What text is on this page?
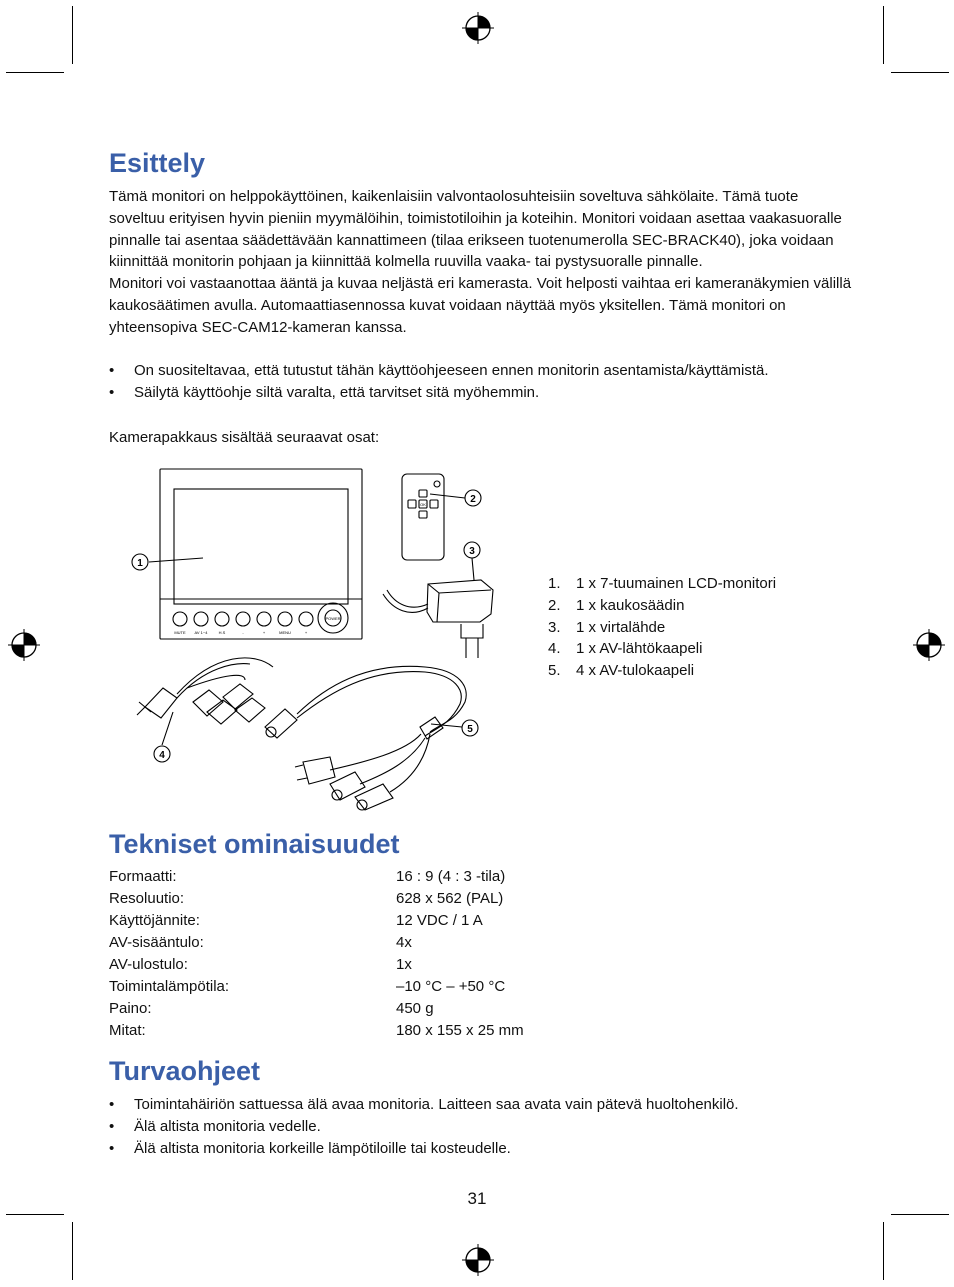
Esittely

Tämä monitori on helppokäyttöinen, kaikenlaisiin valvontaolosuhteisiin soveltuva sähkölaite. Tämä tuote soveltuu erityisen hyvin pieniin myymälöihin, toimistotiloihin ja koteihin. Monitori voidaan asettaa vaakasuoralle pinnalle tai asentaa säädettävään kannattimeen (tilaa erikseen tuotenumerolla SEC-BRACK40), joka voidaan kiinnittää monitorin pohjaan ja kiinnittää kolmella ruuvilla vaaka- tai pystysuoralle pinnalle.

Monitori voi vastaanottaa ääntä ja kuvaa neljästä eri kamerasta. Voit helposti vaihtaa eri kameranäkymien välillä kaukosäätimen avulla. Automaattiasennossa kuvat voidaan näyttää myös yksitellen. Tämä monitori on yhteensopiva SEC-CAM12-kameran kanssa.

• On suositeltavaa, että tutustut tähän käyttöohjeeseen ennen monitorin asentamista/käyttämistä.
• Säilytä käyttöohje siltä varalta, että tarvitset sitä myöhemmin.
Kamerapakkaus sisältää seuraavat osat:
1
2
3
4
5
MUTE AV 1~4	H.S	-	+	MENU	+
POWER
OK
1. 1 x 7-tuumainen LCD-monitori
2. 1 x kaukosäädin
3. 1 x virtalähde
4. 1 x AV-lähtökaapeli
5. 4 x AV-tulokaapeli
Tekniset ominaisuudet
Formaatti:	16 : 9 (4 : 3 -tila)
Resoluutio:	628 x 562 (PAL)
Käyttöjännite:	12 VDC / 1 A
AV-sisääntulo:	4x
AV-ulostulo:	1x
Toimintalämpötila:	–10 °C – +50 °C
Paino:	450 g
Mitat:	180 x 155 x 25 mm
Turvaohjeet
• Toimintahäiriön sattuessa älä avaa monitoria. Laitteen saa avata vain pätevä huoltohenkilö.
• Älä altista monitoria vedelle.
• Älä altista monitoria korkeille lämpötiloille tai kosteudelle.
31
